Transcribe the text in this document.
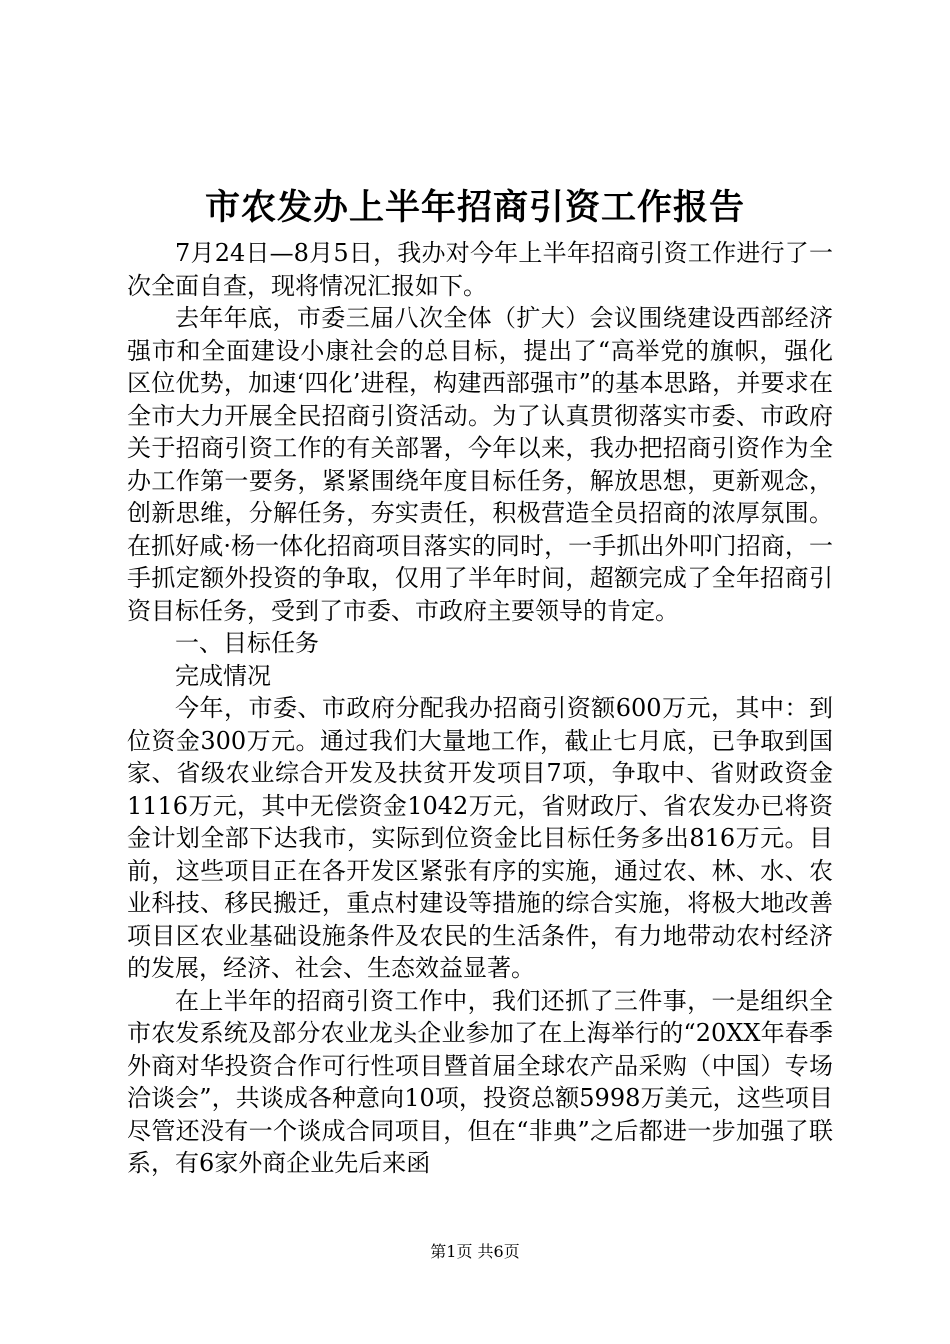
市农发办上半年招商引资工作报告

7月24日—8月5日，我办对今年上半年招商引资工作进行了一次全面自查，现将情况汇报如下。

去年年底，市委三届八次全体（扩大）会议围绕建设西部经济强市和全面建设小康社会的总目标，提出了“高举党的旗帜，强化区位优势，加速‘四化’进程，构建西部强市”的基本思路，并要求在全市大力开展全民招商引资活动。为了认真贯彻落实市委、市政府关于招商引资工作的有关部署，今年以来，我办把招商引资作为全办工作第一要务，紧紧围绕年度目标任务，解放思想，更新观念，创新思维，分解任务，夯实责任，积极营造全员招商的浓厚氛围。在抓好咸·杨一体化招商项目落实的同时，一手抓出外叩门招商，一手抓定额外投资的争取，仅用了半年时间，超额完成了全年招商引资目标任务，受到了市委、市政府主要领导的肯定。

一、目标任务

完成情况

今年，市委、市政府分配我办招商引资额600万元，其中：到位资金300万元。通过我们大量地工作，截止七月底，已争取到国家、省级农业综合开发及扶贫开发项目7项，争取中、省财政资金1116万元，其中无偿资金1042万元，省财政厅、省农发办已将资金计划全部下达我市，实际到位资金比目标任务多出816万元。目前，这些项目正在各开发区紧张有序的实施，通过农、林、水、农业科技、移民搬迁，重点村建设等措施的综合实施，将极大地改善项目区农业基础设施条件及农民的生活条件，有力地带动农村经济的发展，经济、社会、生态效益显著。

在上半年的招商引资工作中，我们还抓了三件事，一是组织全市农发系统及部分农业龙头企业参加了在上海举行的“20XX年春季外商对华投资合作可行性项目暨首届全球农产品采购（中国）专场洽谈会”，共谈成各种意向10项，投资总额5998万美元，这些项目尽管还没有一个谈成合同项目，但在“非典”之后都进一步加强了联系，有6家外商企业先后来函

第1页 共6页
